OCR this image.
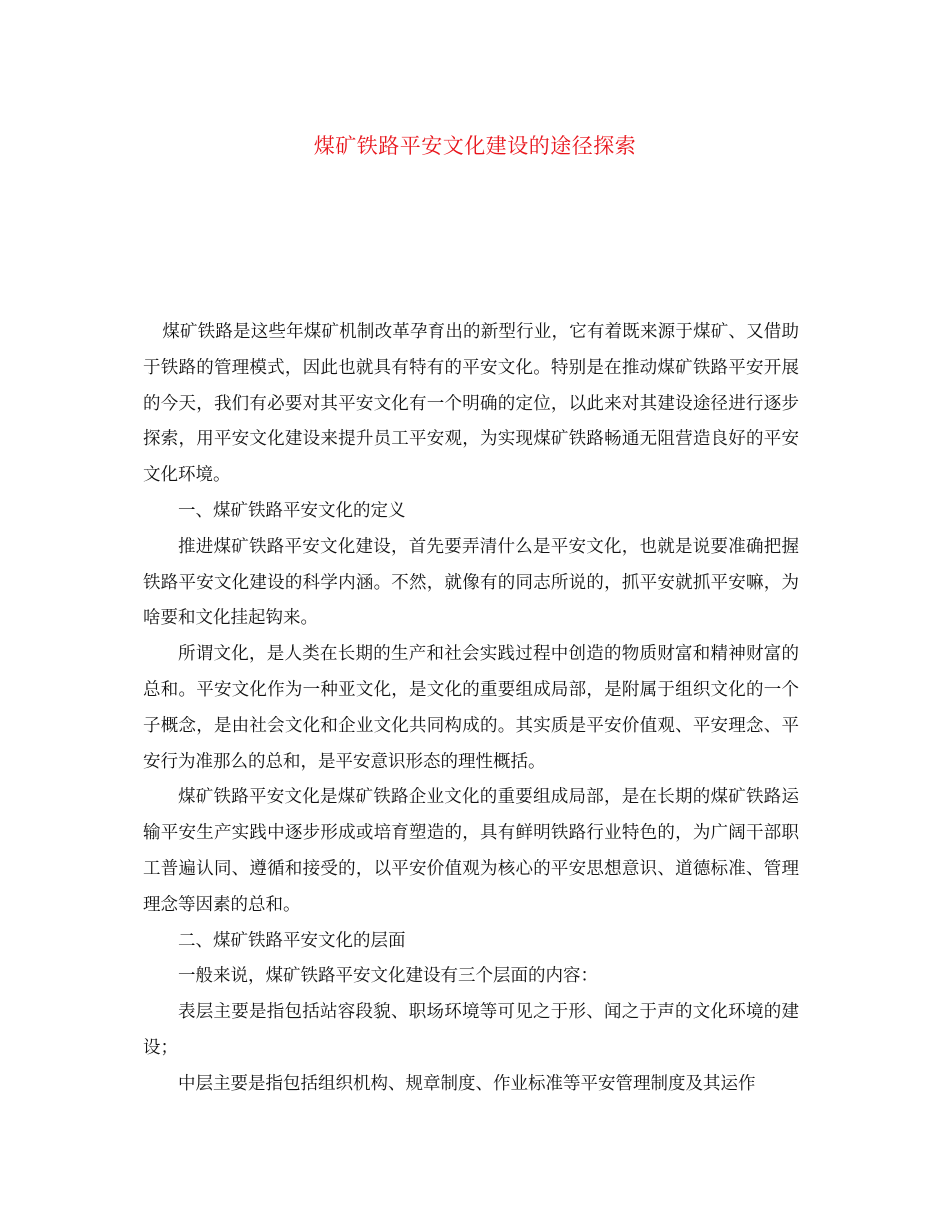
煤矿铁路平安文化建设的途径探索

煤矿铁路是这些年煤矿机制改革孕育出的新型行业，它有着既来源于煤矿、又借助于铁路的管理模式，因此也就具有特有的平安文化。特别是在推动煤矿铁路平安开展的今天，我们有必要对其平安文化有一个明确的定位，以此来对其建设途径进行逐步探索，用平安文化建设来提升员工平安观，为实现煤矿铁路畅通无阻营造良好的平安文化环境。

一、煤矿铁路平安文化的定义

推进煤矿铁路平安文化建设，首先要弄清什么是平安文化，也就是说要准确把握铁路平安文化建设的科学内涵。不然，就像有的同志所说的，抓平安就抓平安嘛，为啥要和文化挂起钩来。

所谓文化，是人类在长期的生产和社会实践过程中创造的物质财富和精神财富的总和。平安文化作为一种亚文化，是文化的重要组成局部，是附属于组织文化的一个子概念，是由社会文化和企业文化共同构成的。其实质是平安价值观、平安理念、平安行为准那么的总和，是平安意识形态的理性概括。

煤矿铁路平安文化是煤矿铁路企业文化的重要组成局部，是在长期的煤矿铁路运输平安生产实践中逐步形成或培育塑造的，具有鲜明铁路行业特色的，为广阔干部职工普遍认同、遵循和接受的，以平安价值观为核心的平安思想意识、道德标准、管理理念等因素的总和。

二、煤矿铁路平安文化的层面

一般来说，煤矿铁路平安文化建设有三个层面的内容：

表层主要是指包括站容段貌、职场环境等可见之于形、闻之于声的文化环境的建设；

中层主要是指包括组织机构、规章制度、作业标准等平安管理制度及其运作
